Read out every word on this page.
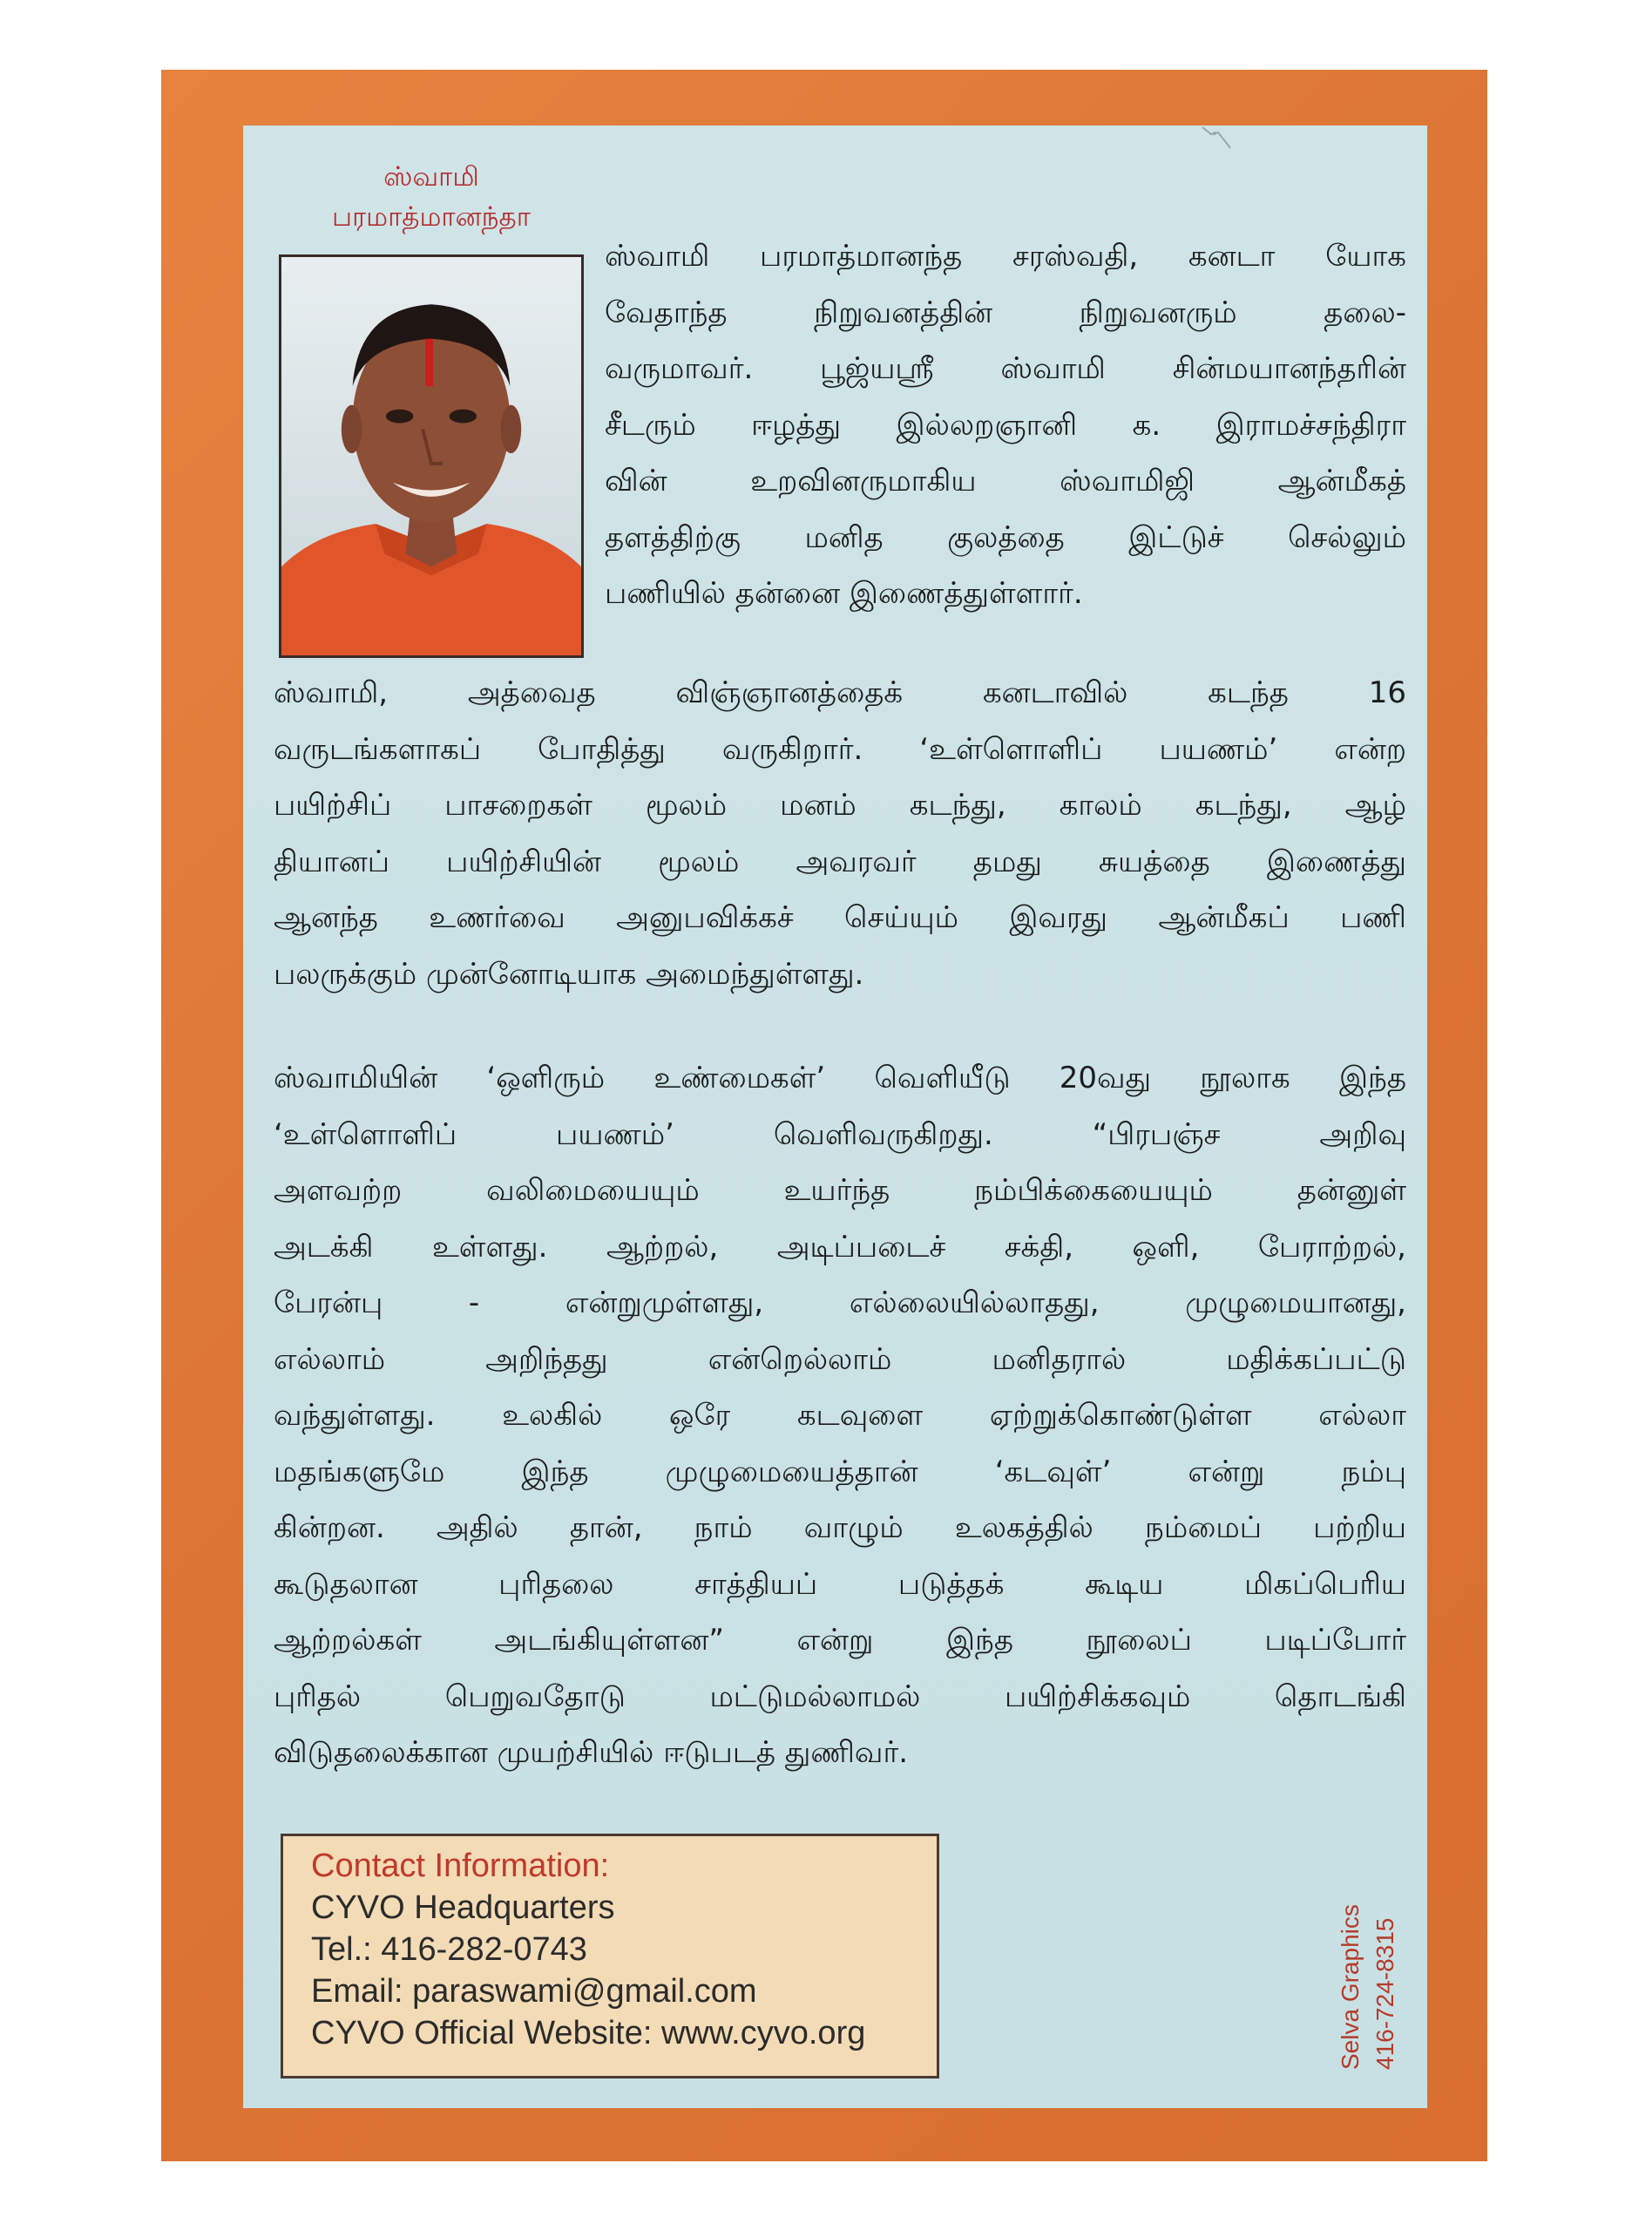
ஸ்வாமி
பரமாத்மானந்தா
ஸ்வாமி பரமாத்மானந்த சரஸ்வதி, கனடா யோக
வேதாந்த நிறுவனத்தின் நிறுவனரும் தலை-
வருமாவர். பூஜ்யஸ்ரீ ஸ்வாமி சின்மயானந்தரின்
சீடரும் ஈழத்து இல்லறஞானி க. இராமச்சந்திரா
வின் உறவினருமாகிய ஸ்வாமிஜி ஆன்மீகத்
தளத்திற்கு மனித குலத்தை இட்டுச் செல்லும்
பணியில் தன்னை இணைத்துள்ளார்.
ஸ்வாமி, அத்வைத விஞ்ஞானத்தைக் கனடாவில் கடந்த 16
வருடங்களாகப் போதித்து வருகிறார். ‘உள்ளொளிப் பயணம்’ என்ற
பயிற்சிப் பாசறைகள் மூலம் மனம் கடந்து, காலம் கடந்து, ஆழ்
தியானப் பயிற்சியின் மூலம் அவரவர் தமது சுயத்தை இணைத்து
ஆனந்த உணர்வை அனுபவிக்கச் செய்யும் இவரது ஆன்மீகப் பணி
பலருக்கும் முன்னோடியாக அமைந்துள்ளது.
ஸ்வாமியின் ‘ஒளிரும் உண்மைகள்’ வெளியீடு 20வது நூலாக இந்த
‘உள்ளொளிப் பயணம்’ வெளிவருகிறது. “பிரபஞ்ச அறிவு
அளவற்ற வலிமையையும் உயர்ந்த நம்பிக்கையையும் தன்னுள்
அடக்கி உள்ளது. ஆற்றல், அடிப்படைச் சக்தி, ஒளி, பேராற்றல்,
பேரன்பு - என்றுமுள்ளது, எல்லையில்லாதது, முழுமையானது,
எல்லாம் அறிந்தது என்றெல்லாம் மனிதரால் மதிக்கப்பட்டு
வந்துள்ளது. உலகில் ஒரே கடவுளை ஏற்றுக்கொண்டுள்ள எல்லா
மதங்களுமே இந்த முழுமையைத்தான் ‘கடவுள்’ என்று நம்பு
கின்றன. அதில் தான், நாம் வாழும் உலகத்தில் நம்மைப் பற்றிய
கூடுதலான புரிதலை சாத்தியப் படுத்தக் கூடிய மிகப்பெரிய
ஆற்றல்கள் அடங்கியுள்ளன” என்று இந்த நூலைப் படிப்போர்
புரிதல் பெறுவதோடு மட்டுமல்லாமல் பயிற்சிக்கவும் தொடங்கி
விடுதலைக்கான முயற்சியில் ஈடுபடத் துணிவர்.
Contact Information:
CYVO Headquarters
Tel.: 416-282-0743
Email: paraswami@gmail.com
CYVO Official Website: www.cyvo.org	Selva Graphics 416-724-8315
